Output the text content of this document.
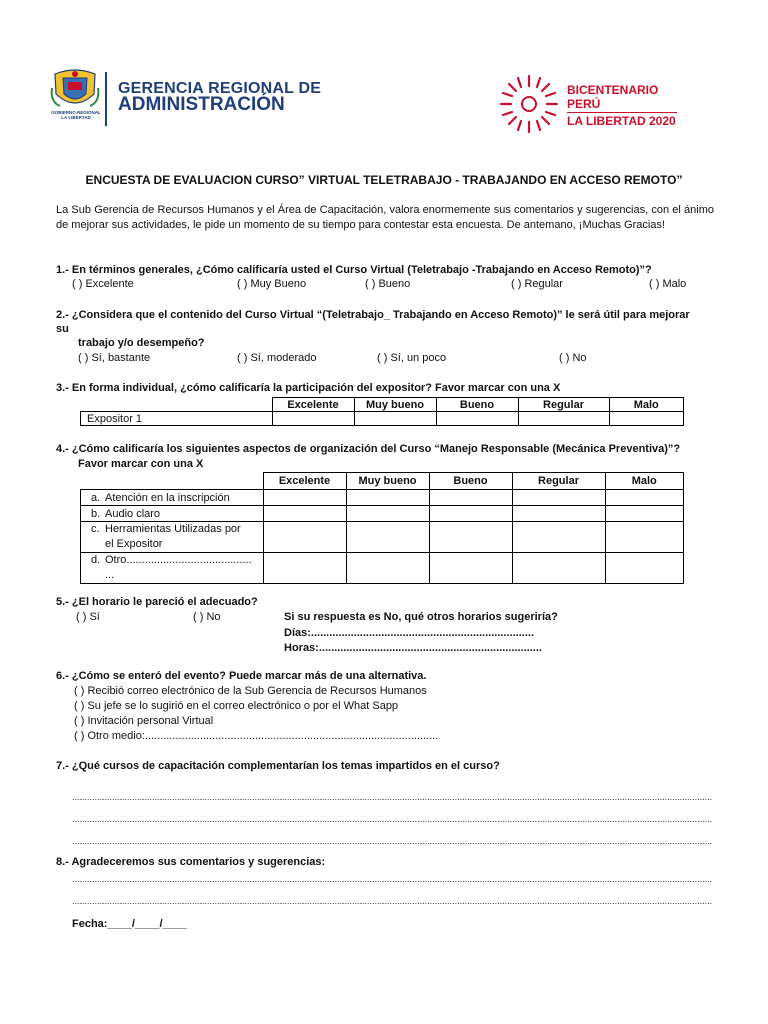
GOBIERNO REGIONAL LA LIBERTAD
GERENCIA REGIONAL DE
ADMINISTRACIÓN
BICENTENARIO
PERÚ
LA LIBERTAD 2020
ENCUESTA DE EVALUACION CURSO” VIRTUAL TELETRABAJO - TRABAJANDO EN ACCESO REMOTO”
La Sub Gerencia de Recursos Humanos y el Área de Capacitación, valora enormemente sus comentarios y sugerencias, con el ánimo de mejorar sus actividades, le pide un momento de su tiempo para contestar esta encuesta. De antemano, ¡Muchas Gracias!
1.- En términos generales, ¿Cómo calificaría usted el Curso Virtual (Teletrabajo -Trabajando en Acceso Remoto)”?
( ) Excelente	( ) Muy Bueno	( ) Bueno	( ) Regular	( ) Malo
2.- ¿Considera que el contenido del Curso Virtual “(Teletrabajo_ Trabajando en Acceso Remoto)” le será útil para mejorar
su
trabajo y/o desempeño?
( ) Sí, bastante	( ) Sí, moderado	( ) Sí, un poco	( ) No
3.- En forma individual, ¿cómo calificaría la participación del expositor? Favor marcar con una X
	Excelente	Muy bueno	Bueno	Regular	Malo
Expositor 1					
4.- ¿Cómo calificaría los siguientes aspectos de organización del Curso “Manejo Responsable (Mecánica Preventiva)”?
Favor marcar con una X
	Excelente	Muy bueno	Bueno	Regular	Malo
a. Atención en la inscripción					
b. Audio claro					
c. Herramientas Utilizadas por
el Expositor					
d. Otro.........................................
...					
5.- ¿El horario le pareció el adecuado?
( ) Sí	( ) No	Si su respuesta es No, qué otros horarios sugeriría?
Días:.........................................................................
Horas:.........................................................................
6.- ¿Cómo se enteró del evento? Puede marcar más de una alternativa.
( ) Recibió correo electrónico de la Sub Gerencia de Recursos Humanos
( ) Su jefe se lo sugirió en el correo electrónico o por el What Sapp
( ) Invitación personal Virtual
( ) Otro medio:................................................................................................
7.- ¿Qué cursos de capacitación complementarían los temas impartidos en el curso?
................................................................................................................................................................................................................................................................
................................................................................................................................................................................................................................................................
................................................................................................................................................................................................................................................................
8.- Agradeceremos sus comentarios y sugerencias:
................................................................................................................................................................................................................................................................
................................................................................................................................................................................................................................................................
Fecha:____/____/____
